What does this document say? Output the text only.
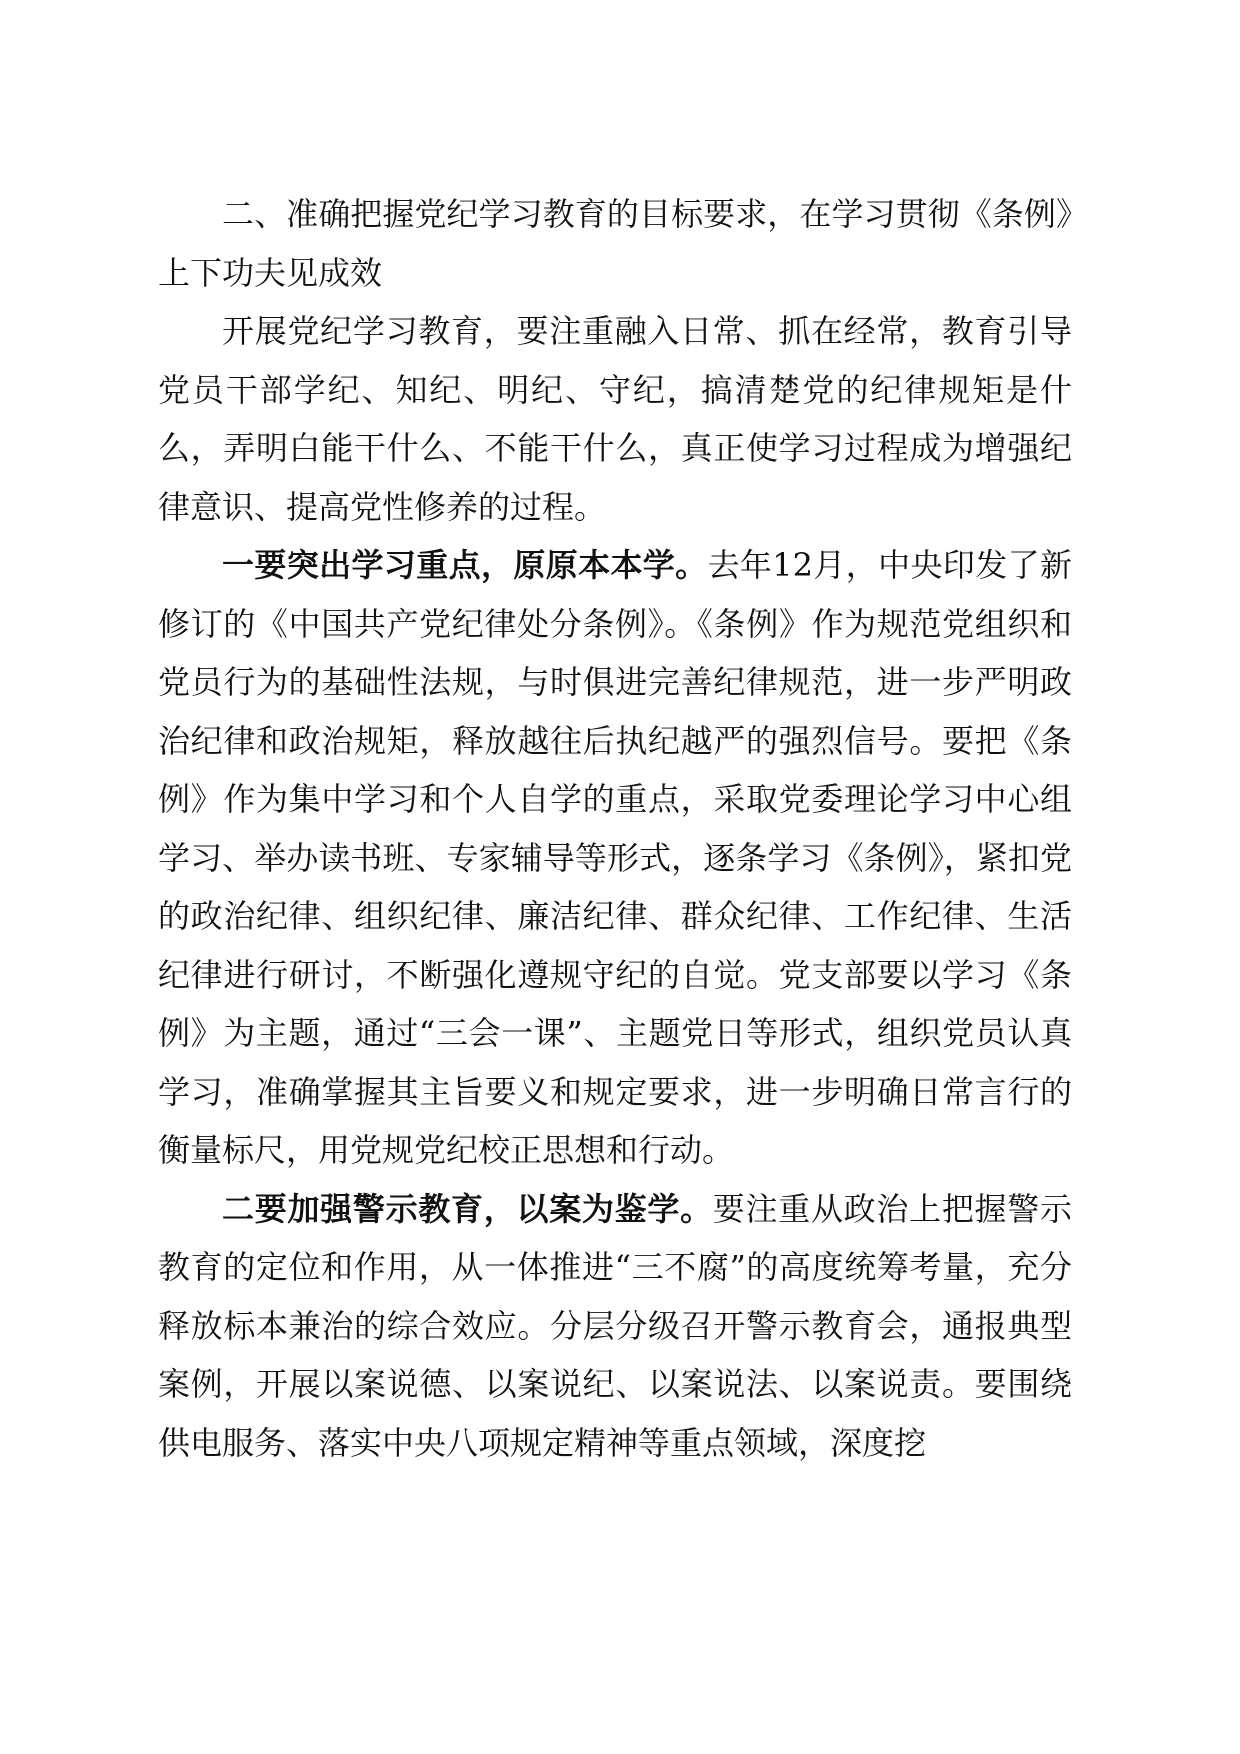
二、准确把握党纪学习教育的目标要求，在学习贯彻《条例》上下功夫见成效

开展党纪学习教育，要注重融入日常、抓在经常，教育引导党员干部学纪、知纪、明纪、守纪，搞清楚党的纪律规矩是什么，弄明白能干什么、不能干什么，真正使学习过程成为增强纪律意识、提高党性修养的过程。

一要突出学习重点，原原本本学。去年12月，中央印发了新修订的《中国共产党纪律处分条例》。《条例》作为规范党组织和党员行为的基础性法规，与时俱进完善纪律规范，进一步严明政治纪律和政治规矩，释放越往后执纪越严的强烈信号。要把《条例》作为集中学习和个人自学的重点，采取党委理论学习中心组学习、举办读书班、专家辅导等形式，逐条学习《条例》，紧扣党的政治纪律、组织纪律、廉洁纪律、群众纪律、工作纪律、生活纪律进行研讨，不断强化遵规守纪的自觉。党支部要以学习《条例》为主题，通过“三会一课”、主题党日等形式，组织党员认真学习，准确掌握其主旨要义和规定要求，进一步明确日常言行的衡量标尺，用党规党纪校正思想和行动。

二要加强警示教育，以案为鉴学。要注重从政治上把握警示教育的定位和作用，从一体推进“三不腐”的高度统筹考量，充分释放标本兼治的综合效应。分层分级召开警示教育会，通报典型案例，开展以案说德、以案说纪、以案说法、以案说责。要围绕供电服务、落实中央八项规定精神等重点领域，深度挖
